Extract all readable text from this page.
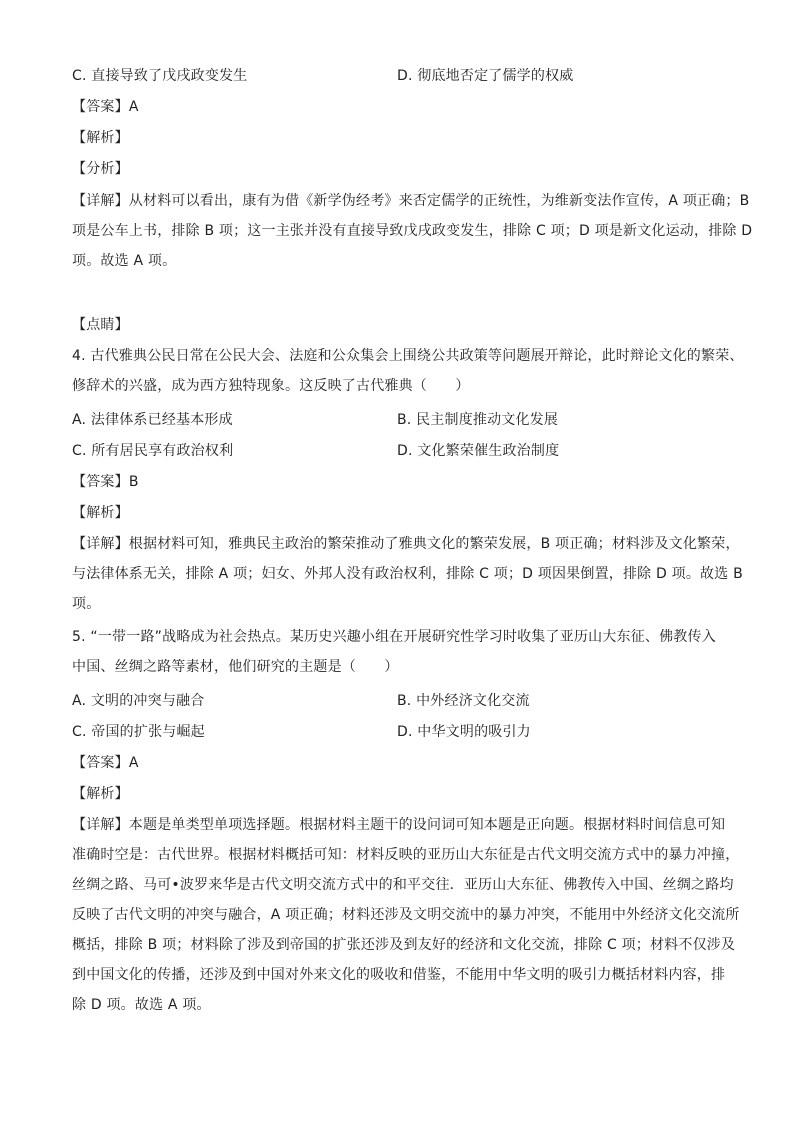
C. 直接导致了戊戌政变发生	D. 彻底地否定了儒学的权威
【答案】A
【解析】
【分析】
【详解】从材料可以看出，康有为借《新学伪经考》来否定儒学的正统性，为维新变法作宣传，A 项正确；B
项是公车上书，排除 B 项；这一主张并没有直接导致戊戌政变发生，排除 C 项；D 项是新文化运动，排除 D
项。故选 A 项。
【点睛】
4. 古代雅典公民日常在公民大会、法庭和公众集会上围绕公共政策等问题展开辩论，此时辩论文化的繁荣、
修辞术的兴盛，成为西方独特现象。这反映了古代雅典（　　）
A. 法律体系已经基本形成	B. 民主制度推动文化发展
C. 所有居民享有政治权利	D. 文化繁荣催生政治制度
【答案】B
【解析】
【详解】根据材料可知，雅典民主政治的繁荣推动了雅典文化的繁荣发展，B 项正确；材料涉及文化繁荣，
与法律体系无关，排除 A 项；妇女、外邦人没有政治权利，排除 C 项；D 项因果倒置，排除 D 项。故选 B
项。
5. “一带一路”战略成为社会热点。某历史兴趣小组在开展研究性学习时收集了亚历山大东征、佛教传入
中国、丝绸之路等素材，他们研究的主题是（　　）
A. 文明的冲突与融合	B. 中外经济文化交流
C. 帝国的扩张与崛起	D. 中华文明的吸引力
【答案】A
【解析】
【详解】本题是单类型单项选择题。根据材料主题干的设问词可知本题是正向题。根据材料时间信息可知
准确时空是：古代世界。根据材料概括可知：材料反映的亚历山大东征是古代文明交流方式中的暴力冲撞，
丝绸之路、马可•波罗来华是古代文明交流方式中的和平交往．亚历山大东征、佛教传入中国、丝绸之路均
反映了古代文明的冲突与融合，A 项正确；材料还涉及文明交流中的暴力冲突，不能用中外经济文化交流所
概括，排除 B 项；材料除了涉及到帝国的扩张还涉及到友好的经济和文化交流，排除 C 项；材料不仅涉及
到中国文化的传播，还涉及到中国对外来文化的吸收和借鉴，不能用中华文明的吸引力概括材料内容，排
除 D 项。故选 A 项。
